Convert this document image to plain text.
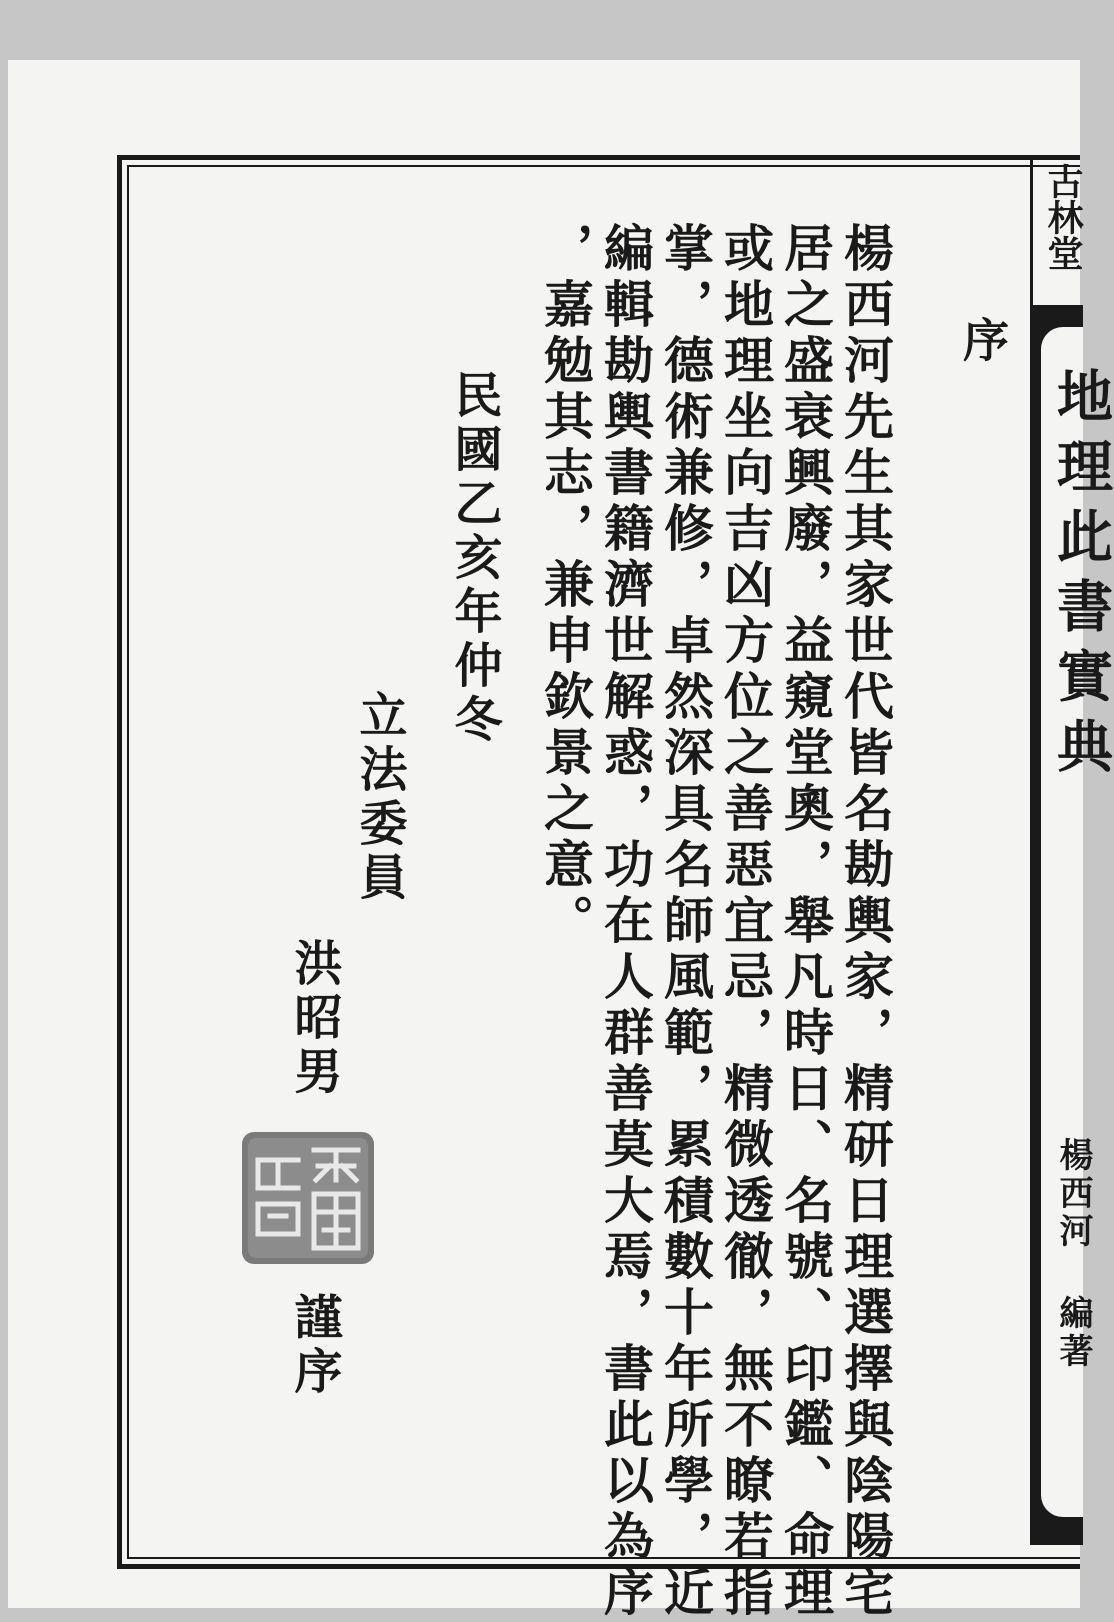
序
楊西河先生其家世代皆名勘輿家，精研日理選擇與陰陽宅
居之盛衰興廢，益窺堂奧，舉凡時日、名號、印鑑、命理
或地理坐向吉凶方位之善惡宜忌，精微透徹，無不瞭若指
掌，德術兼修，卓然深具名師風範，累積數十年所學，近
編輯勘輿書籍濟世解惑，功在人群善莫大焉，書此以為序
，嘉勉其志，兼申欽景之意。
民國乙亥年仲冬
立法委員
洪昭男
謹序
古林堂
地理此書實典
楊西河 編著
